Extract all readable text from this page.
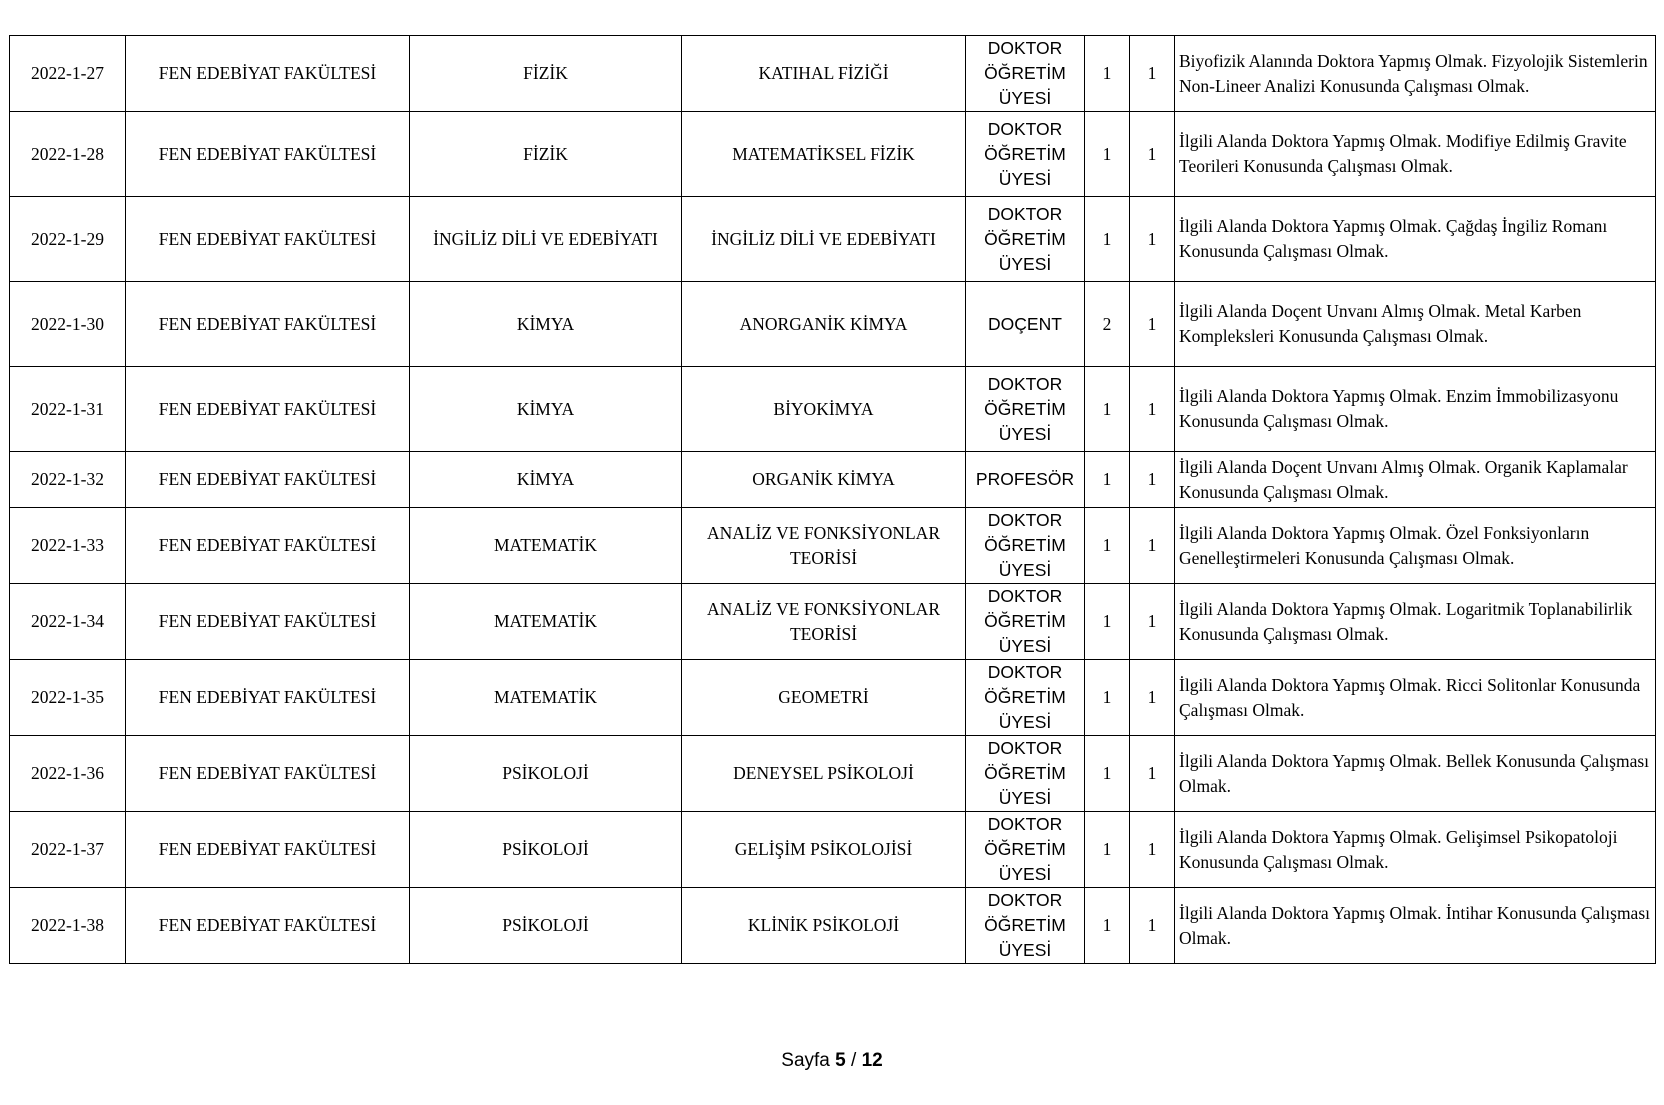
2022-1-27	FEN EDEBİYAT FAKÜLTESİ	FİZİK	KATIHAL FİZİĞİ	DOKTOR ÖĞRETİM ÜYESİ	1	1	Biyofizik Alanında Doktora Yapmış Olmak. Fizyolojik Sistemlerin Non-Lineer Analizi Konusunda Çalışması Olmak.
2022-1-28	FEN EDEBİYAT FAKÜLTESİ	FİZİK	MATEMATİKSEL FİZİK	DOKTOR ÖĞRETİM ÜYESİ	1	1	İlgili Alanda Doktora Yapmış Olmak. Modifiye Edilmiş Gravite Teorileri Konusunda Çalışması Olmak.
2022-1-29	FEN EDEBİYAT FAKÜLTESİ	İNGİLİZ DİLİ VE EDEBİYATI	İNGİLİZ DİLİ VE EDEBİYATI	DOKTOR ÖĞRETİM ÜYESİ	1	1	İlgili Alanda Doktora Yapmış Olmak. Çağdaş İngiliz Romanı Konusunda Çalışması Olmak.
2022-1-30	FEN EDEBİYAT FAKÜLTESİ	KİMYA	ANORGANİK KİMYA	DOÇENT	2	1	İlgili Alanda Doçent Unvanı Almış Olmak. Metal Karben Kompleksleri Konusunda Çalışması Olmak.
2022-1-31	FEN EDEBİYAT FAKÜLTESİ	KİMYA	BİYOKİMYA	DOKTOR ÖĞRETİM ÜYESİ	1	1	İlgili Alanda Doktora Yapmış Olmak. Enzim İmmobilizasyonu Konusunda Çalışması Olmak.
2022-1-32	FEN EDEBİYAT FAKÜLTESİ	KİMYA	ORGANİK KİMYA	PROFESÖR	1	1	İlgili Alanda Doçent Unvanı Almış Olmak. Organik Kaplamalar Konusunda Çalışması Olmak.
2022-1-33	FEN EDEBİYAT FAKÜLTESİ	MATEMATİK	ANALİZ VE FONKSİYONLAR TEORİSİ	DOKTOR ÖĞRETİM ÜYESİ	1	1	İlgili Alanda Doktora Yapmış Olmak. Özel Fonksiyonların Genelleştirmeleri Konusunda Çalışması Olmak.
2022-1-34	FEN EDEBİYAT FAKÜLTESİ	MATEMATİK	ANALİZ VE FONKSİYONLAR TEORİSİ	DOKTOR ÖĞRETİM ÜYESİ	1	1	İlgili Alanda Doktora Yapmış Olmak. Logaritmik Toplanabilirlik Konusunda Çalışması Olmak.
2022-1-35	FEN EDEBİYAT FAKÜLTESİ	MATEMATİK	GEOMETRİ	DOKTOR ÖĞRETİM ÜYESİ	1	1	İlgili Alanda Doktora Yapmış Olmak. Ricci Solitonlar Konusunda Çalışması Olmak.
2022-1-36	FEN EDEBİYAT FAKÜLTESİ	PSİKOLOJİ	DENEYSEL PSİKOLOJİ	DOKTOR ÖĞRETİM ÜYESİ	1	1	İlgili Alanda Doktora Yapmış Olmak. Bellek Konusunda Çalışması Olmak.
2022-1-37	FEN EDEBİYAT FAKÜLTESİ	PSİKOLOJİ	GELİŞİM PSİKOLOJİSİ	DOKTOR ÖĞRETİM ÜYESİ	1	1	İlgili Alanda Doktora Yapmış Olmak. Gelişimsel Psikopatoloji Konusunda Çalışması Olmak.
2022-1-38	FEN EDEBİYAT FAKÜLTESİ	PSİKOLOJİ	KLİNİK PSİKOLOJİ	DOKTOR ÖĞRETİM ÜYESİ	1	1	İlgili Alanda Doktora Yapmış Olmak. İntihar Konusunda Çalışması Olmak.
Sayfa 5 / 12
